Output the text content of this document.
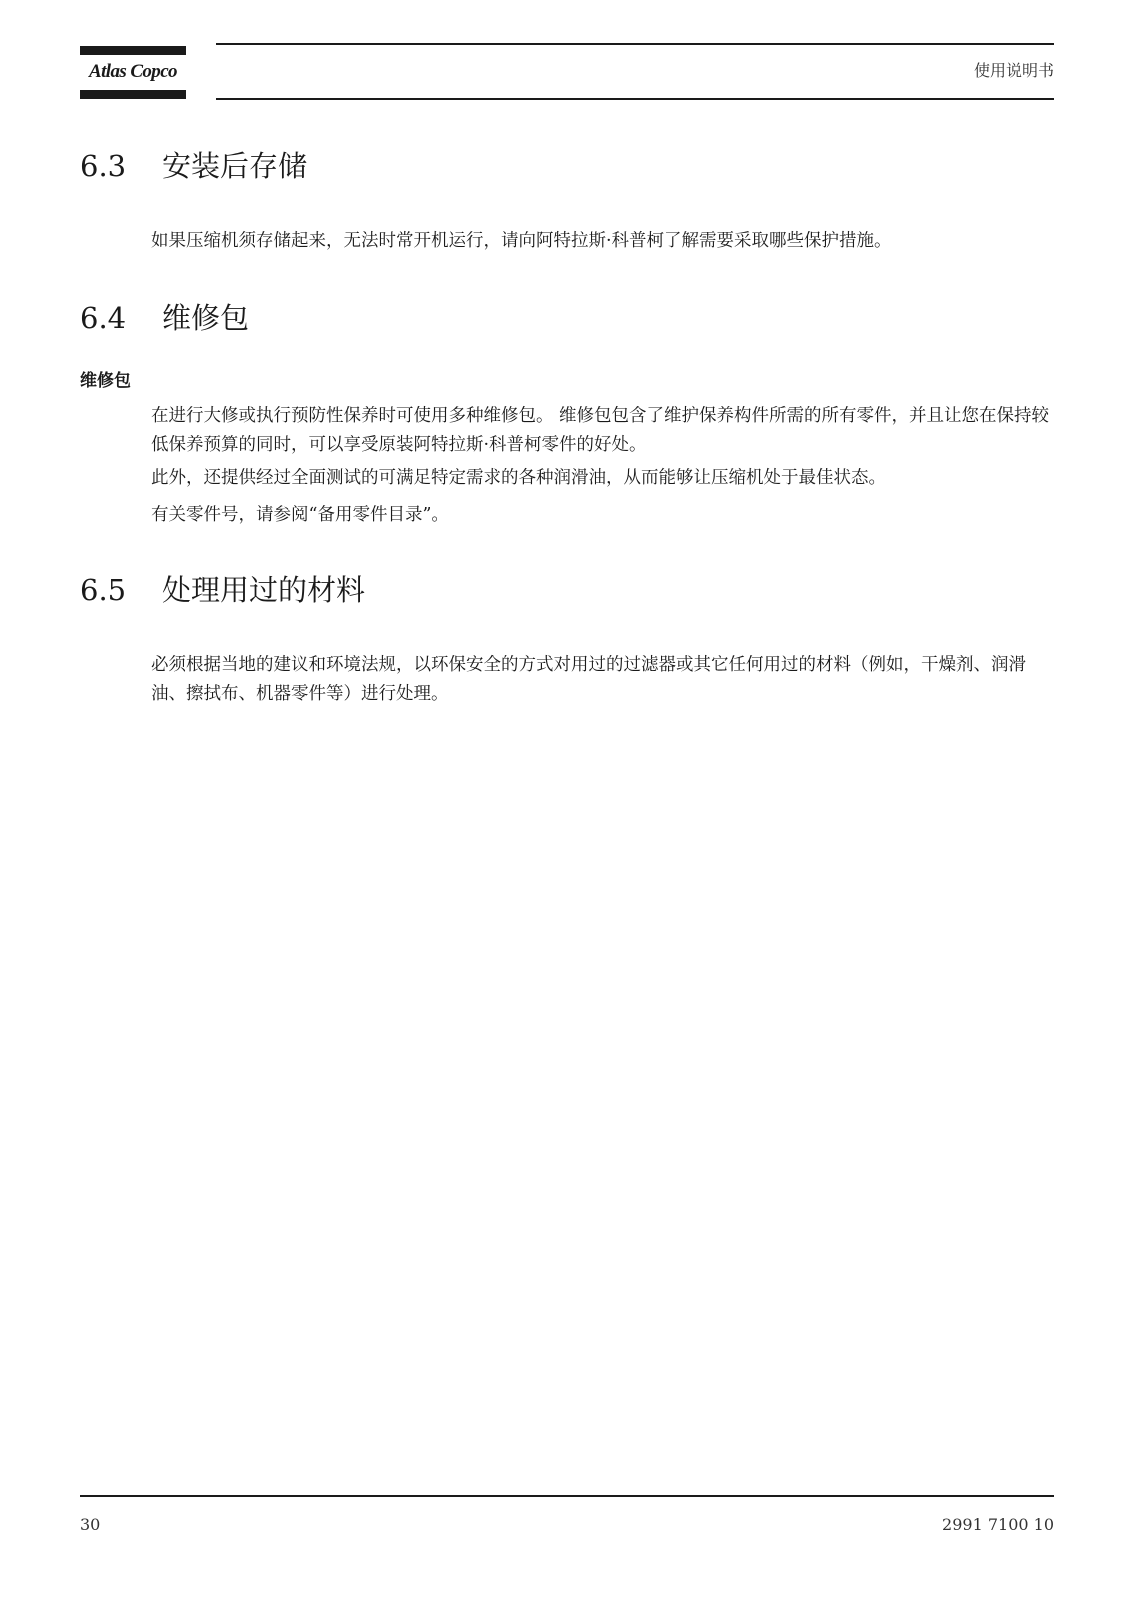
Atlas Copco	使用说明书
6.3 安装后存储

如果压缩机须存储起来，无法时常开机运行，请向阿特拉斯·科普柯了解需要采取哪些保护措施。

6.4 维修包
维修包

在进行大修或执行预防性保养时可使用多种维修包。 维修包包含了维护保养构件所需的所有零件，并且让您在保持较低保养预算的同时，可以享受原装阿特拉斯·科普柯零件的好处。

此外，还提供经过全面测试的可满足特定需求的各种润滑油，从而能够让压缩机处于最佳状态。

有关零件号，请参阅“备用零件目录”。

6.5 处理用过的材料

必须根据当地的建议和环境法规，以环保安全的方式对用过的过滤器或其它任何用过的材料（例如，干燥剂、润滑油、擦拭布、机器零件等）进行处理。

30	2991 7100 10
